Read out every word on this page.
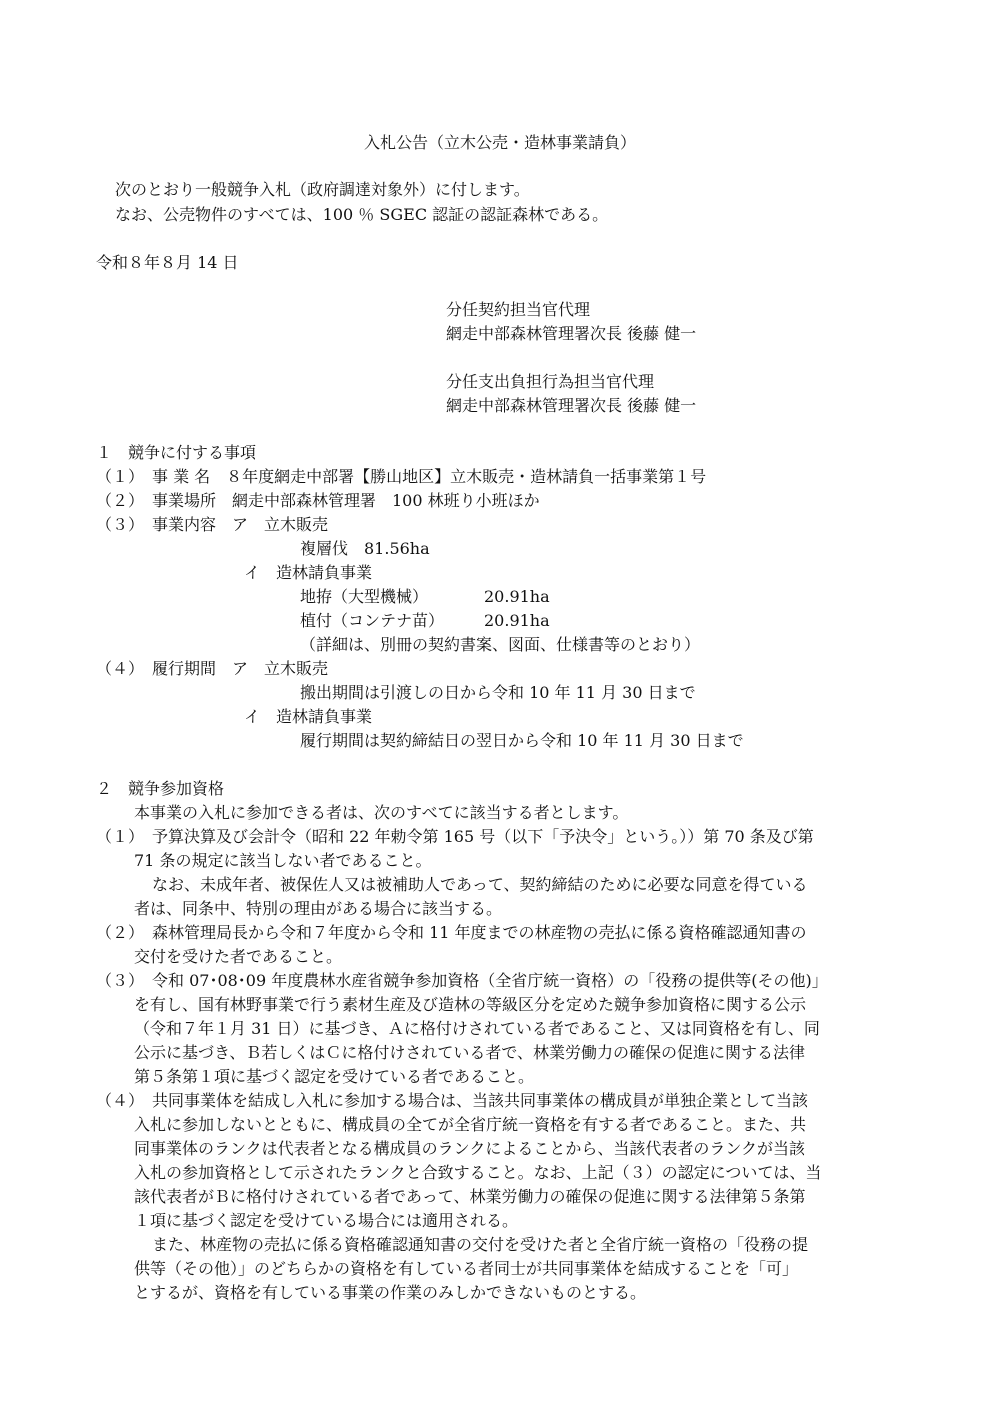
入札公告（立木公売・造林事業請負）
次のとおり一般競争入札（政府調達対象外）に付します。
なお、公売物件のすべては、100 ％ SGEC 認証の認証森林である。
令和８年８月 14 日
分任契約担当官代理
網走中部森林管理署次長 後藤 健一
分任支出負担行為担当官代理
網走中部森林管理署次長 後藤 健一
１　競争に付する事項
（１）　事 業 名　８年度網走中部署【勝山地区】立木販売・造林請負一括事業第１号
（２）　事業場所　網走中部森林管理署　100 林班り小班ほか
（３）　事業内容　ア　立木販売
複層伐　81.56ha
イ　造林請負事業
地拵（大型機械）	20.91ha
植付（コンテナ苗） 20.91ha
（詳細は、別冊の契約書案、図面、仕様書等のとおり）
（４）　履行期間　ア　立木販売
搬出期間は引渡しの日から令和 10 年 11 月 30 日まで
イ　造林請負事業
履行期間は契約締結日の翌日から令和 10 年 11 月 30 日まで
２　競争参加資格
本事業の入札に参加できる者は、次のすべてに該当する者とします。
（１）　予算決算及び会計令（昭和 22 年勅令第 165 号（以下「予決令」という。））第 70 条及び第
71 条の規定に該当しない者であること。
なお、未成年者、被保佐人又は被補助人であって、契約締結のために必要な同意を得ている
者は、同条中、特別の理由がある場合に該当する。
（２）　森林管理局長から令和７年度から令和 11 年度までの林産物の売払に係る資格確認通知書の
交付を受けた者であること。
（３）　令和 07･08･09 年度農林水産省競争参加資格（全省庁統一資格）の「役務の提供等(その他)」
を有し、国有林野事業で行う素材生産及び造林の等級区分を定めた競争参加資格に関する公示
（令和７年１月 31 日）に基づき、Ａに格付けされている者であること、又は同資格を有し、同
公示に基づき、Ｂ若しくはＣに格付けされている者で、林業労働力の確保の促進に関する法律
第５条第１項に基づく認定を受けている者であること。
（４）　共同事業体を結成し入札に参加する場合は、当該共同事業体の構成員が単独企業として当該
入札に参加しないとともに、構成員の全てが全省庁統一資格を有する者であること。また、共
同事業体のランクは代表者となる構成員のランクによることから、当該代表者のランクが当該
入札の参加資格として示されたランクと合致すること。なお、上記（３）の認定については、当
該代表者がＢに格付けされている者であって、林業労働力の確保の促進に関する法律第５条第
１項に基づく認定を受けている場合には適用される。
また、林産物の売払に係る資格確認通知書の交付を受けた者と全省庁統一資格の「役務の提
供等（その他）」のどちらかの資格を有している者同士が共同事業体を結成することを「可」
とするが、資格を有している事業の作業のみしかできないものとする。
